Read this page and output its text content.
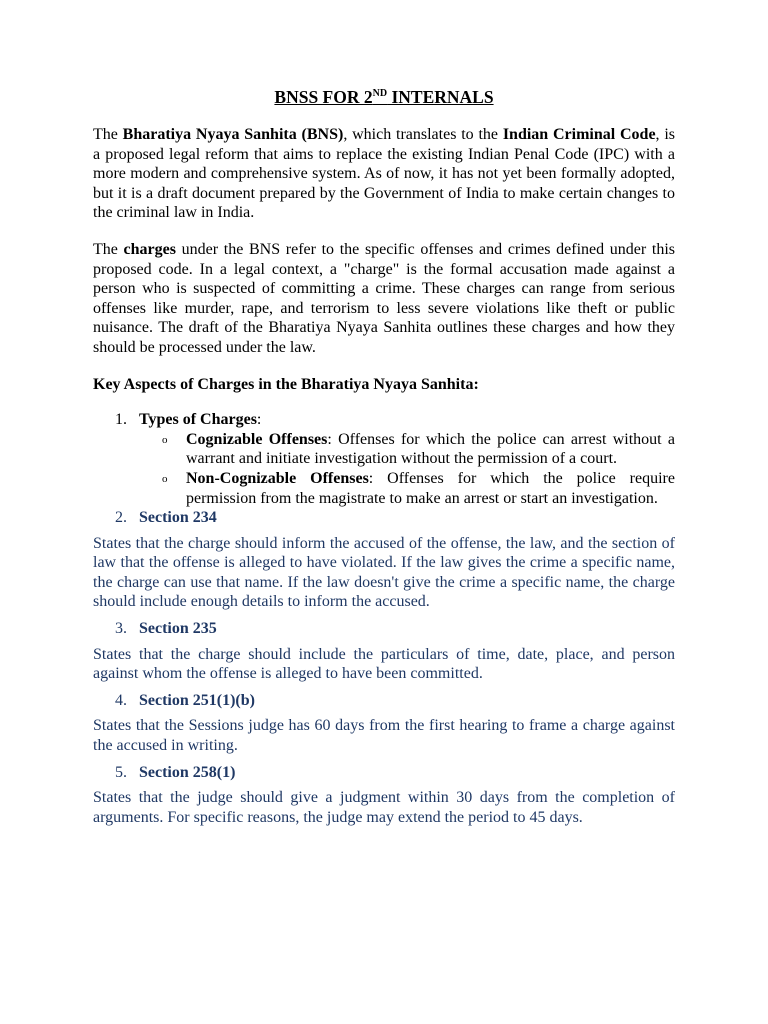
BNSS FOR 2ND INTERNALS

The Bharatiya Nyaya Sanhita (BNS), which translates to the Indian Criminal Code, is a proposed legal reform that aims to replace the existing Indian Penal Code (IPC) with a more modern and comprehensive system. As of now, it has not yet been formally adopted, but it is a draft document prepared by the Government of India to make certain changes to the criminal law in India.

The charges under the BNS refer to the specific offenses and crimes defined under this proposed code. In a legal context, a "charge" is the formal accusation made against a person who is suspected of committing a crime. These charges can range from serious offenses like murder, rape, and terrorism to less severe violations like theft or public nuisance. The draft of the Bharatiya Nyaya Sanhita outlines these charges and how they should be processed under the law.

Key Aspects of Charges in the Bharatiya Nyaya Sanhita:
1. Types of Charges:
o Cognizable Offenses: Offenses for which the police can arrest without a warrant and initiate investigation without the permission of a court.
o Non-Cognizable Offenses: Offenses for which the police require permission from the magistrate to make an arrest or start an investigation.
2. Section 234

States that the charge should inform the accused of the offense, the law, and the section of law that the offense is alleged to have violated. If the law gives the crime a specific name, the charge can use that name. If the law doesn't give the crime a specific name, the charge should include enough details to inform the accused.

3. Section 235

States that the charge should include the particulars of time, date, place, and person against whom the offense is alleged to have been committed.

4. Section 251(1)(b)

States that the Sessions judge has 60 days from the first hearing to frame a charge against the accused in writing.

5. Section 258(1)

States that the judge should give a judgment within 30 days from the completion of arguments. For specific reasons, the judge may extend the period to 45 days.
